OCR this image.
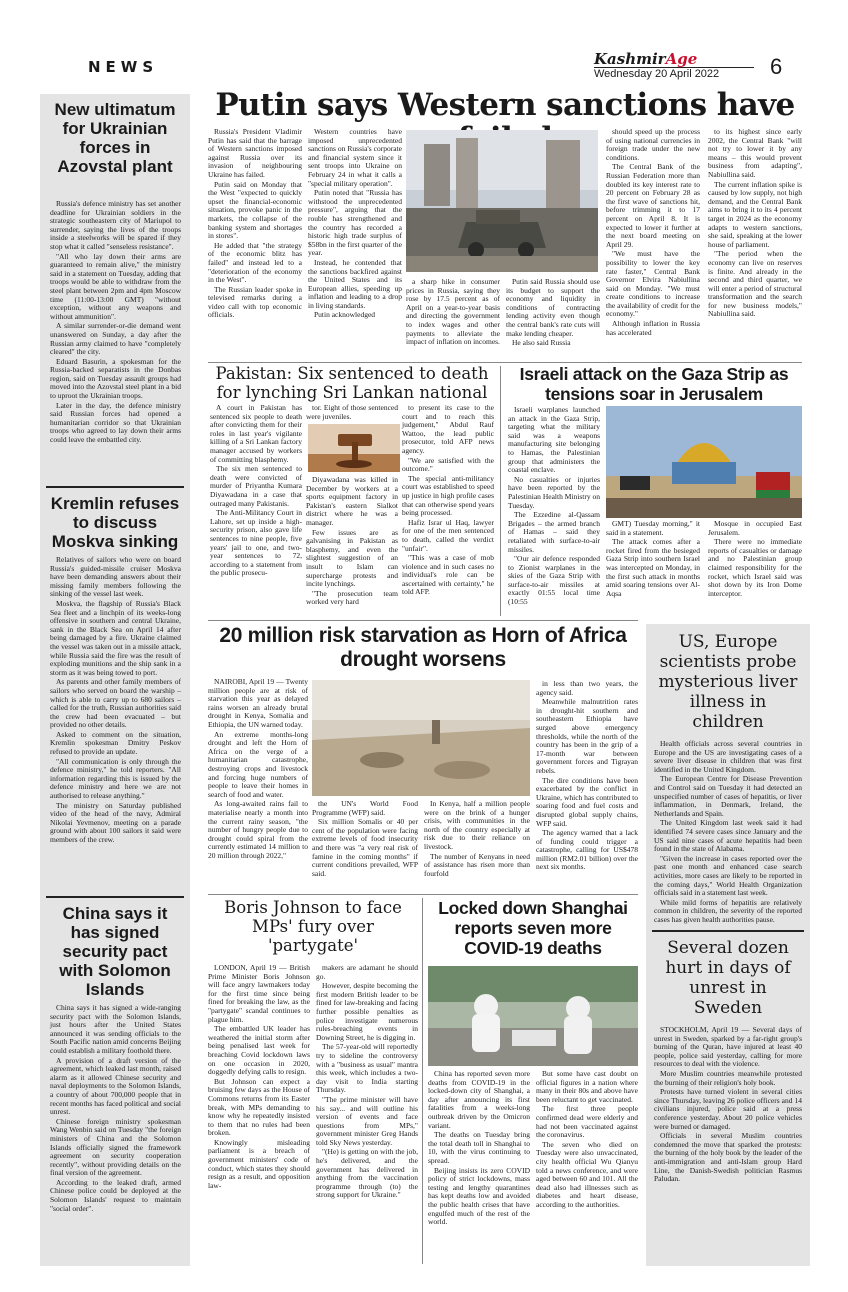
NEWS	KashmirAge
Wednesday 20 April 2022	6
New ultimatum for Ukrainian forces in Azovstal plant

Russia's defence ministry has set another deadline for Ukrainian soldiers in the strategic southeastern city of Mariupol to surrender, saying the lives of the troops inside a steelworks will be spared if they stop what it called "senseless resistance".

"All who lay down their arms are guaranteed to remain alive," the ministry said in a statement on Tuesday, adding that troops would be able to withdraw from the steel plant between 2pm and 4pm Moscow time (11:00-13:00 GMT) "without exception, without any weapons and without ammunition".

A similar surrender-or-die demand went unanswered on Sunday, a day after the Russian army claimed to have "completely cleared" the city.

Eduard Basurin, a spokesman for the Russia-backed separatists in the Donbas region, said on Tuesday assault groups had moved into the Azovstal steel plant in a bid to uproot the Ukrainian troops.

Later in the day, the defence ministry said Russian forces had opened a humanitarian corridor so that Ukrainian troops who agreed to lay down their arms could leave the embattled city.

Kremlin refuses to discuss Moskva sinking

Relatives of sailors who were on board Russia's guided-missile cruiser Moskva have been demanding answers about their missing family members following the sinking of the vessel last week.

Moskva, the flagship of Russia's Black Sea fleet and a linchpin of its weeks-long offensive in southern and central Ukraine, sank in the Black Sea on April 14 after being damaged by a fire. Ukraine claimed the vessel was taken out in a missile attack, while Russia said the fire was the result of exploding munitions and the ship sank in a storm as it was being towed to port.

As parents and other family members of sailors who served on board the warship – which is able to carry up to 680 sailors – called for the truth, Russian authorities said the crew had been evacuated – but provided no other details.

Asked to comment on the situation, Kremlin spokesman Dmitry Peskov refused to provide an update.

"All communication is only through the defence ministry," he told reporters. "All information regarding this is issued by the defence ministry and here we are not authorised to release anything."

The ministry on Saturday published video of the head of the navy, Admiral Nikolai Yevmenov, meeting on a parade ground with about 100 sailors it said were members of the crew.

China says it has signed security pact with Solomon Islands

China says it has signed a wide-ranging security pact with the Solomon Islands, just hours after the United States announced it was sending officials to the South Pacific nation amid concerns Beijing could establish a military foothold there.

A provision of a draft version of the agreement, which leaked last month, raised alarm as it allowed Chinese security and naval deployments to the Solomon Islands, a country of about 700,000 people that in recent months has faced political and social unrest.

Chinese foreign ministry spokesman Wang Wenbin said on Tuesday "the foreign ministers of China and the Solomon Islands officially signed the framework agreement on security cooperation recently", without providing details on the final version of the agreement.

According to the leaked draft, armed Chinese police could be deployed at the Solomon Islands' request to maintain "social order".

Putin says Western sanctions have

Russia's President Vladimir Putin has said that the barrage of Western sanctions imposed against Russia over its invasion of neighbouring Ukraine has failed.

Putin said on Monday that the West "expected to quickly upset the financial-economic situation, provoke panic in the markets, the collapse of the banking system and shortages in stores".

He added that "the strategy of the economic blitz has failed" and instead led to a "deterioration of the economy in the West".

The Russian leader spoke in televised remarks during a video call with top economic officials.

Western countries have imposed unprecedented sanctions on Russia's corporate and financial system since it sent troops into Ukraine on February 24 in what it calls a "special military operation".

Putin noted that "Russia has withstood the unprecedented pressure", arguing that the rouble has strengthened and the country has recorded a historic high trade surplus of $58bn in the first quarter of the year.

Instead, he contended that the sanctions backfired against the United States and its European allies, speeding up inflation and leading to a drop in living standards.

Putin acknowledged

a sharp hike in consumer prices in Russia, saying they rose by 17.5 percent as of April on a year-to-year basis and directing the government to index wages and other payments to alleviate the impact of inflation on incomes.

Putin said Russia should use its budget to support the economy and liquidity in conditions of contracting lending activity even though the central bank's rate cuts will make lending cheaper.

He also said Russia

should speed up the process of using national currencies in foreign trade under the new conditions.

The Central Bank of the Russian Federation more than doubled its key interest rate to 20 percent on February 28 as the first wave of sanctions hit, before trimming it to 17 percent on April 8. It is expected to lower it further at the next board meeting on April 29.

"We must have the possibility to lower the key rate faster," Central Bank Governor Elvira Nabiullina said on Monday. "We must create conditions to increase the availability of credit for the economy."

Although inflation in Russia has accelerated

to its highest since early 2002, the Central Bank "will not try to lower it by any means – this would prevent business from adapting", Nabiullina said.

The current inflation spike is caused by low supply, not high demand, and the Central Bank aims to bring it to its 4 percent target in 2024 as the economy adapts to western sanctions, she said, speaking at the lower house of parliament.

"The period when the economy can live on reserves is finite. And already in the second and third quarter, we will enter a period of structural transformation and the search for new business models," Nabiullina said.

Pakistan: Six sentenced to death for lynching Sri Lankan national

A court in Pakistan has sentenced six people to death after convicting them for their roles in last year's vigilante killing of a Sri Lankan factory manager accused by workers of committing blasphemy.

The six men sentenced to death were convicted of murder of Priyantha Kumara Diyawadana in a case that outraged many Pakistanis.

The Anti-Militancy Court in Lahore, set up inside a high-security prison, also gave life sentences to nine people, five years' jail to one, and two-year sentences to 72, according to a statement from the public prosecu-

tor. Eight of those sentenced were juveniles.

Diyawadana was killed in December by workers at a sports equipment factory in Pakistan's eastern Sialkot district where he was a manager.

Few issues are as galvanising in Pakistan as blasphemy, and even the slightest suggestion of an insult to Islam can supercharge protests and incite lynchings.

"The prosecution team worked very hard

to present its case to the court and to reach this judgement," Abdul Rauf Wattoo, the lead public prosecutor, told AFP news agency.

"We are satisfied with the outcome."

The special anti-militancy court was established to speed up justice in high profile cases that can otherwise spend years being processed.

Hafiz Israr ul Haq, lawyer for one of the men sentenced to death, called the verdict "unfair".

"This was a case of mob violence and in such cases no individual's role can be ascertained with certainty," he told AFP.

Israeli attack on the Gaza Strip as tensions soar in Jerusalem

Israeli warplanes launched an attack in the Gaza Strip, targeting what the military said was a weapons manufacturing site belonging to Hamas, the Palestinian group that administers the coastal enclave.

No casualties or injuries have been reported by the Palestinian Health Ministry on Tuesday.

The Ezzedine al-Qassam Brigades – the armed branch of Hamas – said they retaliated with surface-to-air missiles.

"Our air defence responded to Zionist warplanes in the skies of the Gaza Strip with surface-to-air missiles at exactly 01:55 local time (10:55

GMT) Tuesday morning," it said in a statement.

The attack comes after a rocket fired from the besieged Gaza Strip into southern Israel was intercepted on Monday, in the first such attack in months amid soaring tensions over Al-Aqsa

Mosque in occupied East Jerusalem.

There were no immediate reports of casualties or damage and no Palestinian group claimed responsibility for the rocket, which Israel said was shot down by its Iron Dome interceptor.

20 million risk starvation as Horn of Africa drought worsens

NAIROBI, April 19 — Twenty million people are at risk of starvation this year as delayed rains worsen an already brutal drought in Kenya, Somalia and Ethiopia, the UN warned today.

An extreme months-long drought and left the Horn of Africa on the verge of a humanitarian catastrophe, destroying crops and livestock and forcing huge numbers of people to leave their homes in search of food and water.

As long-awaited rains fail to materialise nearly a month into the current rainy season, "the number of hungry people due to drought could spiral from the currently estimated 14 million to 20 million through 2022,"

the UN's World Food Programme (WFP) said.

Six million Somalis or 40 per cent of the population were facing extreme levels of food insecurity and there was "a very real risk of famine in the coming months" if current conditions prevailed, WFP said.

In Kenya, half a million people were on the brink of a hunger crisis, with communities in the north of the country especially at risk due to their reliance on livestock.

The number of Kenyans in need of assistance has risen more than fourfold

in less than two years, the agency said.

Meanwhile malnutrition rates in drought-hit southern and southeastern Ethiopia have surged above emergency thresholds, while the north of the country has been in the grip of a 17-month war between government forces and Tigrayan rebels.

The dire conditions have been exacerbated by the conflict in Ukraine, which has contributed to soaring food and fuel costs and disrupted global supply chains, WFP said.

The agency warned that a lack of funding could trigger a catastrophe, calling for US$478 million (RM2.01 billion) over the next six months.

US, Europe scientists probe mysterious liver illness in children

Health officials across several countries in Europe and the US are investigating cases of a severe liver disease in children that was first identified in the United Kingdom.

The European Centre for Disease Prevention and Control said on Tuesday it had detected an unspecified number of cases of hepatitis, or liver inflammation, in Denmark, Ireland, the Netherlands and Spain.

The United Kingdom last week said it had identified 74 severe cases since January and the US said nine cases of acute hepatitis had been found in the state of Alabama.

"Given the increase in cases reported over the past one month and enhanced case search activities, more cases are likely to be reported in the coming days," World Health Organization officials said in a statement last week.

While mild forms of hepatitis are relatively common in children, the severity of the reported cases has given health authorities pause.

Several dozen hurt in days of unrest in Sweden

STOCKHOLM, April 19 — Several days of unrest in Sweden, sparked by a far-right group's burning of the Quran, have injured at least 40 people, police said yesterday, calling for more resources to deal with the violence.

More Muslim countries meanwhile protested the burning of their religion's holy book.

Protests have turned violent in several cities since Thursday, leaving 26 police officers and 14 civilians injured, police said at a press conference yesterday. About 20 police vehicles were burned or damaged.

Officials in several Muslim countries condemned the move that sparked the protests: the burning of the holy book by the leader of the anti-immigration and anti-Islam group Hard Line, the Danish-Swedish politician Rasmus Paludan.

Boris Johnson to face MPs' fury over 'partygate'

LONDON, April 19 — British Prime Minister Boris Johnson will face angry lawmakers today for the first time since being fined for breaking the law, as the "partygate" scandal continues to plague him.

The embattled UK leader has weathered the initial storm after being penalised last week for breaching Covid lockdown laws on one occasion in 2020, doggedly defying calls to resign.

But Johnson can expect a bruising few days as the House of Commons returns from its Easter break, with MPs demanding to know why he repeatedly insisted to them that no rules had been broken.

Knowingly misleading parliament is a breach of government ministers' code of conduct, which states they should resign as a result, and opposition law-

makers are adamant he should go.

However, despite becoming the first modern British leader to be fined for law-breaking and facing further possible penalties as police investigate numerous rules-breaching events in Downing Street, he is digging in.

The 57-year-old will reportedly try to sideline the controversy with a "business as usual" mantra this week, which includes a two-day visit to India starting Thursday.

"The prime minister will have his say... and will outline his version of events and face questions from MPs," government minister Greg Hands told Sky News yesterday.

"(He) is getting on with the job, he's delivered, and the government has delivered in anything from the vaccination programme through (to) the strong support for Ukraine."

Locked down Shanghai reports seven more COVID-19 deaths

China has reported seven more deaths from COVID-19 in the locked-down city of Shanghai, a day after announcing its first fatalities from a weeks-long outbreak driven by the Omicron variant.

The deaths on Tuesday bring the total death toll in Shanghai to 10, with the virus continuing to spread.

Beijing insists its zero COVID policy of strict lockdowns, mass testing and lengthy quarantines has kept deaths low and avoided the public health crises that have engulfed much of the rest of the world.

But some have cast doubt on official figures in a nation where many in their 80s and above have been reluctant to get vaccinated.

The first three people confirmed dead were elderly and had not been vaccinated against the coronavirus.

The seven who died on Tuesday were also unvaccinated, city health official Wu Qianyu told a news conference, and were aged between 60 and 101. All the dead also had illnesses such as diabetes and heart disease, according to the authorities.
